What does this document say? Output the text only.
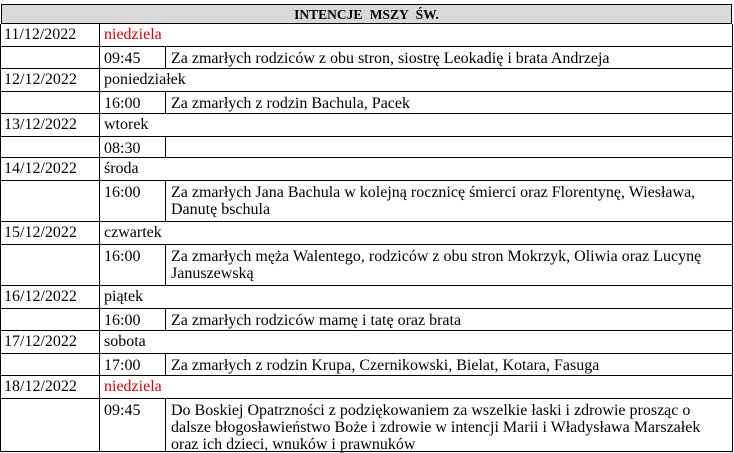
INTENCJE MSZY ŚW.
11/12/2022	niedziela
09:45	Za zmarłych rodziców z obu stron, siostrę Leokadię i brata Andrzeja
12/12/2022	poniedziałek
16:00	Za zmarłych z rodzin Bachula, Pacek
13/12/2022	wtorek
08:30
14/12/2022	środa
16:00	Za zmarłych Jana Bachula w kolejną rocznicę śmierci oraz Florentynę, Wiesława, Danutę bschula
15/12/2022	czwartek
16:00	Za zmarłych męża Walentego, rodziców z obu stron Mokrzyk, Oliwia oraz Lucynę Januszewską
16/12/2022	piątek
16:00	Za zmarłych rodziców mamę i tatę oraz brata
17/12/2022	sobota
17:00	Za zmarłych z rodzin Krupa, Czernikowski, Bielat, Kotara, Fasuga
18/12/2022	niedziela
09:45	Do Boskiej Opatrzności z podziękowaniem za wszelkie łaski i zdrowie prosząc o dalsze błogosławieństwo Boże i zdrowie w intencji Marii i Władysława Marszałek oraz ich dzieci, wnuków i prawnuków
